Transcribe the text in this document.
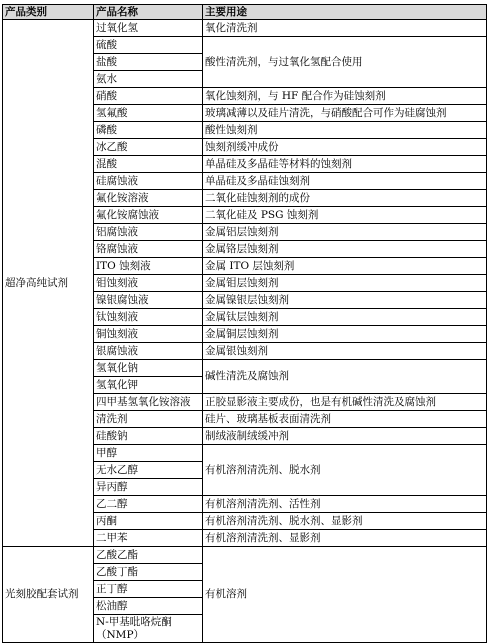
产品类别	产品名称	主要用途
超净高纯试剂	过氧化氢	氧化清洗剂
	硫酸	酸性清洗剂，与过氧化氢配合使用
	盐酸	
	氨水	
	硝酸	氧化蚀刻剂，与 HF 配合作为硅蚀刻剂
	氢氟酸	玻璃减薄以及硅片清洗，与硝酸配合可作为硅腐蚀剂
	磷酸	酸性蚀刻剂
	冰乙酸	蚀刻剂缓冲成份
	混酸	单晶硅及多晶硅等材料的蚀刻剂
	硅腐蚀液	单晶硅及多晶硅蚀刻剂
	氟化铵溶液	二氧化硅蚀刻剂的成份
	氟化铵腐蚀液	二氧化硅及 PSG 蚀刻剂
	铝腐蚀液	金属铝层蚀刻剂
	铬腐蚀液	金属铬层蚀刻剂
	ITO 蚀刻液	金属 ITO 层蚀刻剂
	钼蚀刻液	金属钼层蚀刻剂
	镍银腐蚀液	金属镍银层蚀刻剂
	钛蚀刻液	金属钛层蚀刻剂
	铜蚀刻液	金属铜层蚀刻剂
	银腐蚀液	金属银蚀刻剂
	氢氧化钠	碱性清洗及腐蚀剂
	氢氧化钾	
	四甲基氢氧化铵溶液	正胶显影液主要成份，也是有机碱性清洗及腐蚀剂
	清洗剂	硅片、玻璃基板表面清洗剂
	硅酸钠	制绒液制绒缓冲剂
	甲醇	有机溶剂清洗剂、脱水剂
	无水乙醇	
	异丙醇	
	乙二醇	有机溶剂清洗剂、活性剂
	丙酮	有机溶剂清洗剂、脱水剂、显影剂
	二甲苯	有机溶剂清洗剂、显影剂
光刻胶配套试剂	乙酸乙酯	有机溶剂
	乙酸丁酯	
	正丁醇	
	松油醇	
	N-甲基吡咯烷酮（NMP）	
